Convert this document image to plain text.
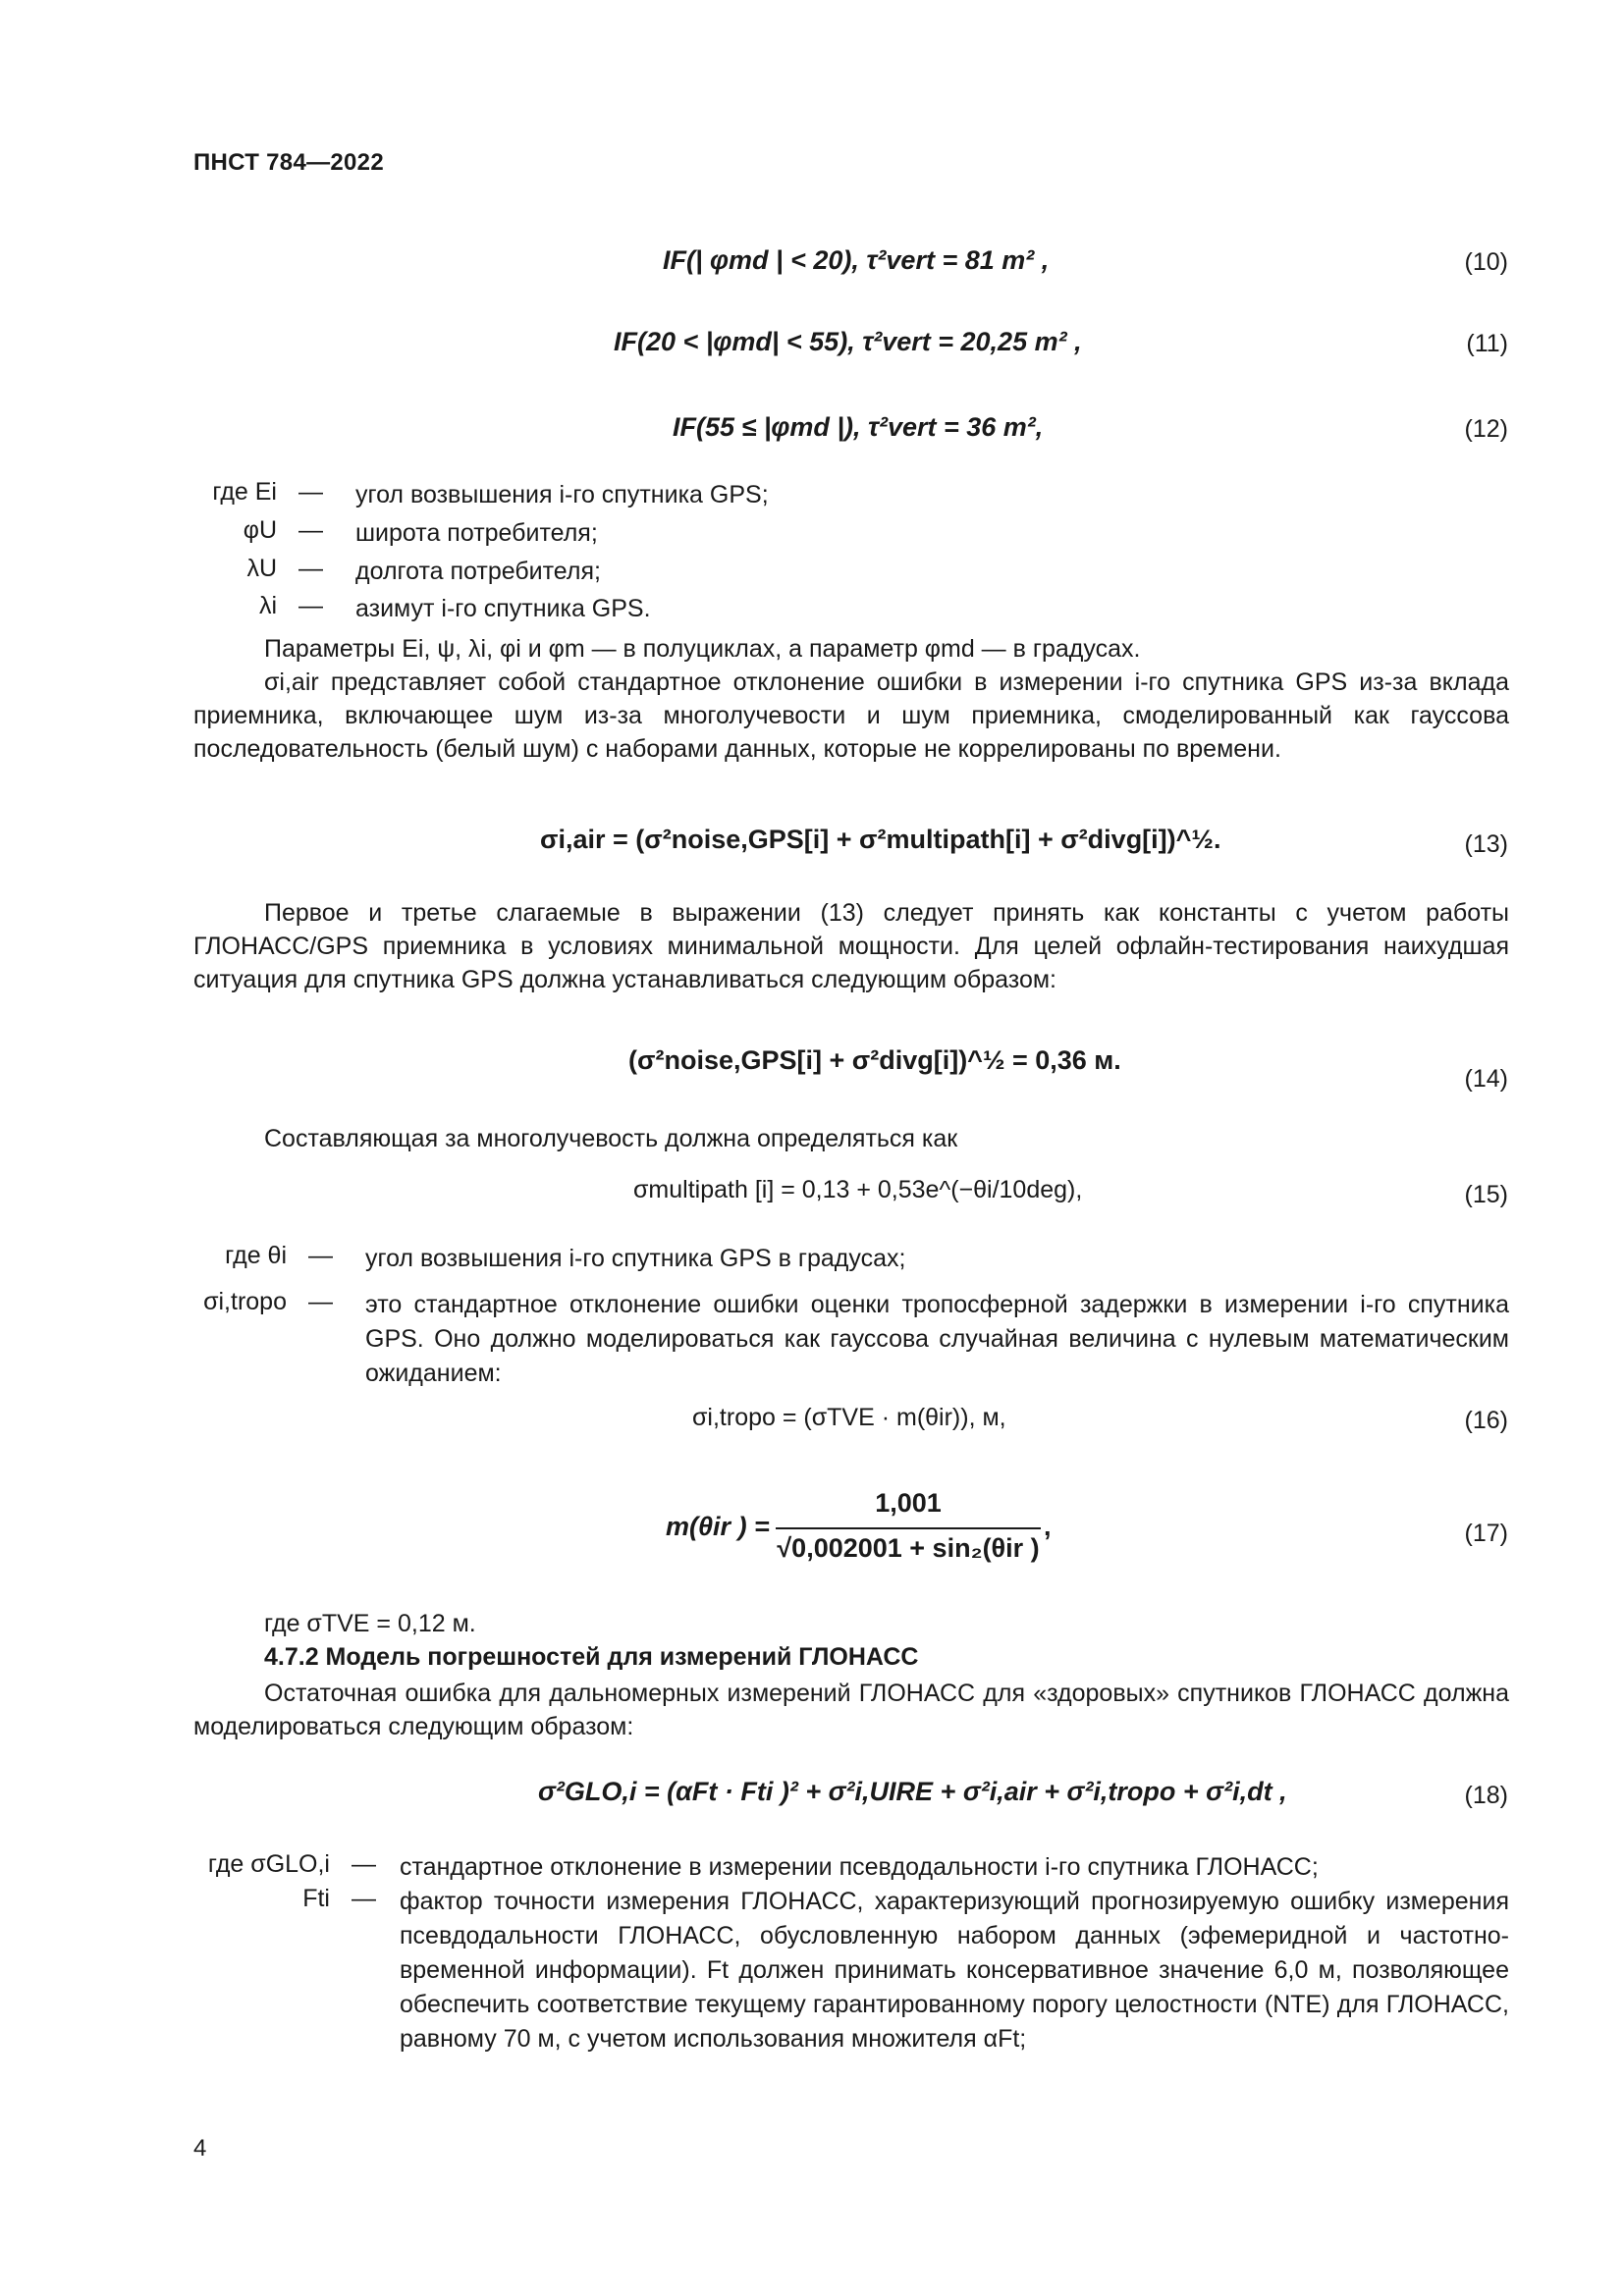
ПНСТ 784—2022
IF(| φmd | < 20), τ²vert = 81 m² ,	(10)
IF(20 < |φmd| < 55), τ²vert = 20,25 m² ,	(11)
IF(55 ≤ |φmd |), τ²vert = 36 m²,	(12)
где Ei — угол возвышения i-го спутника GPS;
φU — широта потребителя;
λU — долгота потребителя;
λi — азимут i-го спутника GPS.
Параметры Ei, ψ, λi, φi и φm — в полуциклах, а параметр φmd — в градусах.
σi,air представляет собой стандартное отклонение ошибки в измерении i-го спутника GPS из-за вклада приемника, включающее шум из-за многолучевости и шум приемника, смоделированный как гауссова последовательность (белый шум) с наборами данных, которые не коррелированы по времени.
σi,air = (σ²noise,GPS[i] + σ²multipath[i] + σ²divg[i])^½.	(13)
Первое и третье слагаемые в выражении (13) следует принять как константы с учетом работы ГЛОНАСС/GPS приемника в условиях минимальной мощности. Для целей офлайн-тестирования наихудшая ситуация для спутника GPS должна устанавливаться следующим образом:
(σ²noise,GPS[i] + σ²divg[i])^½ = 0,36 м.
(14)
Составляющая за многолучевость должна определяться как
σmultipath [i] = 0,13 + 0,53e^(−θi/10deg),	(15)
где θi — угол возвышения i-го спутника GPS в градусах;
σi,tropo — это стандартное отклонение ошибки оценки тропосферной задержки в измерении i-го спутника GPS. Оно должно моделироваться как гауссова случайная величина с нулевым математическим ожиданием:
σi,tropo = (σTVE · m(θir)), м,	(16)
m(θir ) =
1,001
√0,002001 + sin₂(θir )
,	(17)
где σTVE = 0,12 м.
4.7.2 Модель погрешностей для измерений ГЛОНАСС
Остаточная ошибка для дальномерных измерений ГЛОНАСС для «здоровых» спутников ГЛОНАСС должна моделироваться следующим образом:
σ²GLO,i = (αFt · Fti )² + σ²i,UIRE + σ²i,air + σ²i,tropo + σ²i,dt ,	(18)
где σGLO,i — стандартное отклонение в измерении псевдодальности i-го спутника ГЛОНАСС;
Fti — фактор точности измерения ГЛОНАСС, характеризующий прогнозируемую ошибку измерения псевдодальности ГЛОНАСС, обусловленную набором данных (эфемеридной и частотно-временной информации). Ft должен принимать консервативное значение 6,0 м, позволяющее обеспечить соответствие текущему гарантированному порогу целостности (NTE) для ГЛОНАСС, равному 70 м, с учетом использования множителя αFt;
4
